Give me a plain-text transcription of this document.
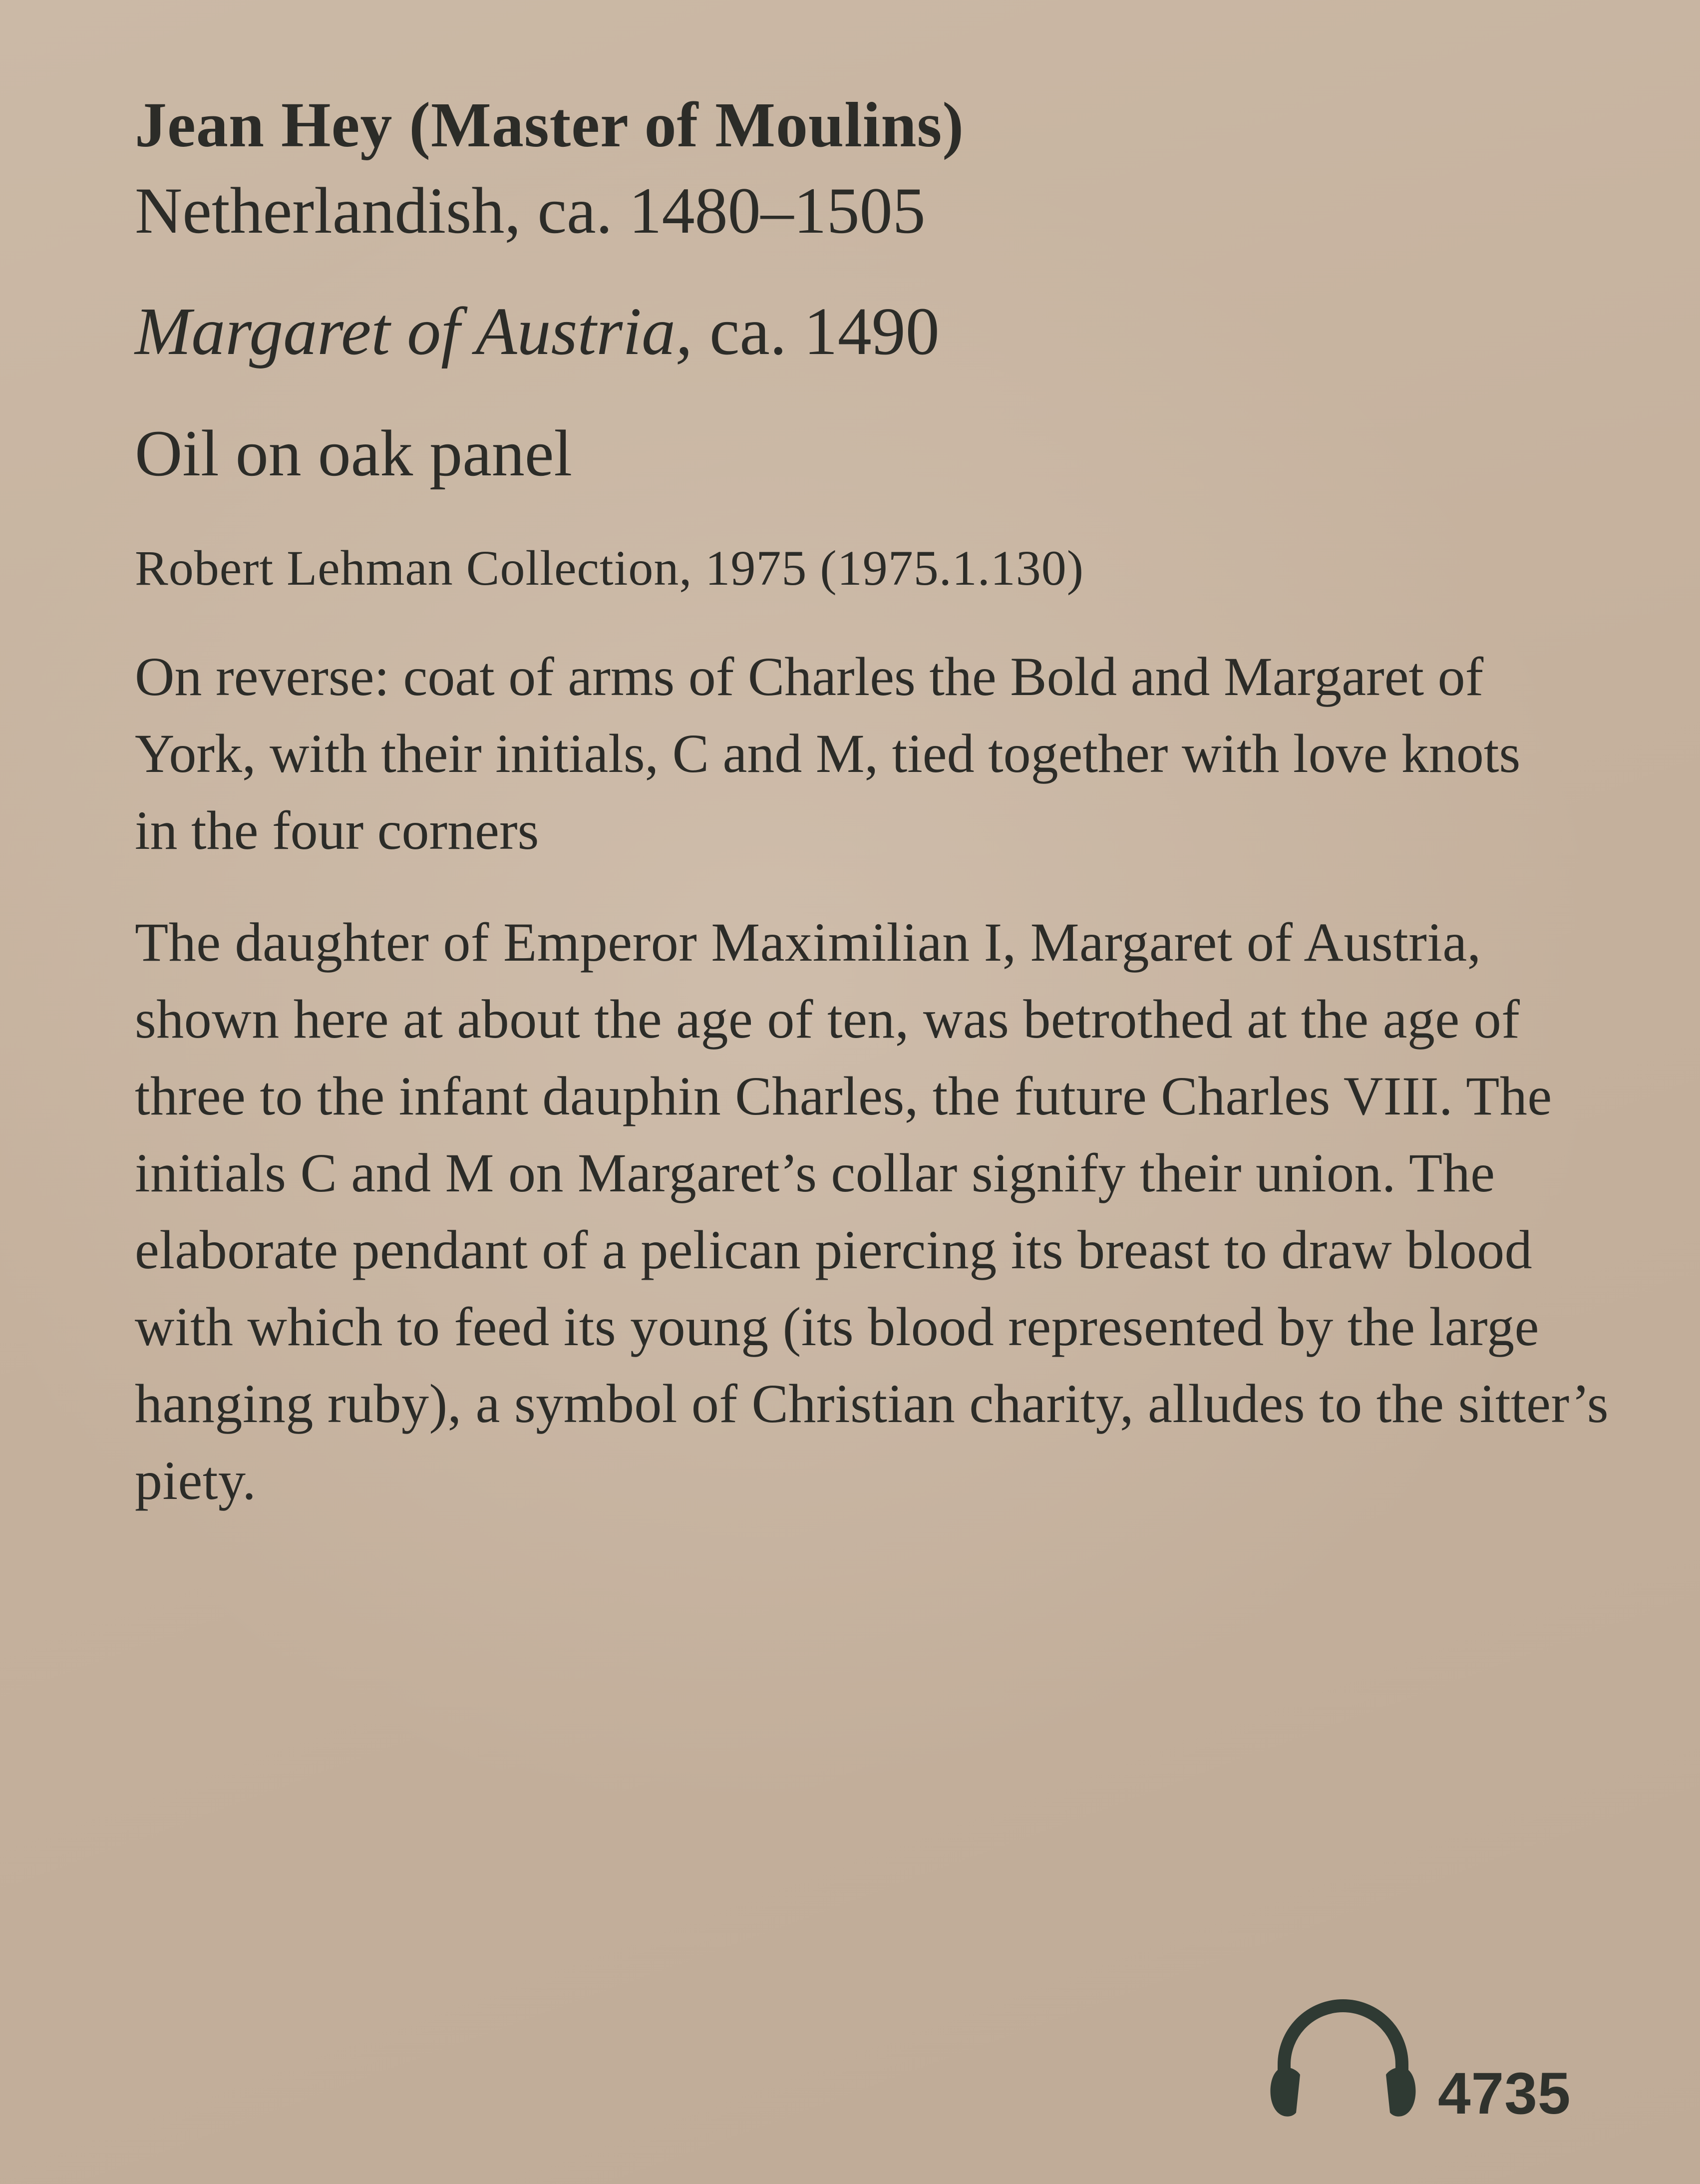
Jean Hey (Master of Moulins)

Netherlandish, ca. 1480–1505

Margaret of Austria, ca. 1490

Oil on oak panel

Robert Lehman Collection, 1975 (1975.1.130)

On reverse: coat of arms of Charles the Bold and Margaret of York, with their initials, C and M, tied together with love knots in the four corners

The daughter of Emperor Maximilian I, Margaret of Austria, shown here at about the age of ten, was betrothed at the age of three to the infant dauphin Charles, the future Charles VIII. The initials C and M on Margaret’s collar signify their union. The elaborate pendant of a pelican piercing its breast to draw blood with which to feed its young (its blood represented by the large hanging ruby), a symbol of Christian charity, alludes to the sitter’s piety.

4735
